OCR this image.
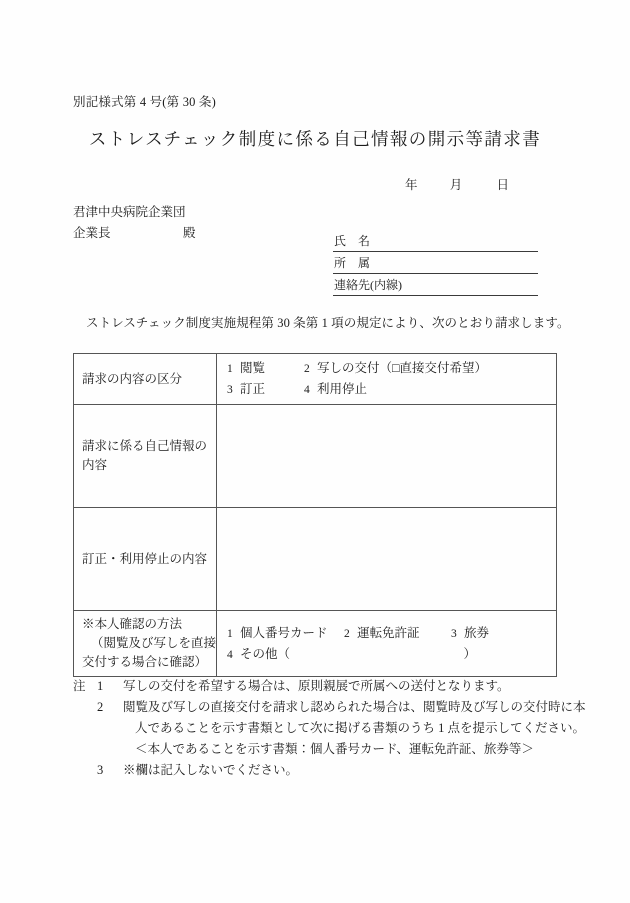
別記様式第 4 号(第 30 条)
ストレスチェック制度に係る自己情報の開示等請求書
年	月	日
君津中央病院企業団
企業長	殿
氏　名
所　属
連絡先(内線)
ストレスチェック制度実施規程第 30 条第 1 項の規定により、次のとおり請求します。
請求の内容の区分	1 閲覧 2 写しの交付（□直接交付希望）
3 訂正 4 利用停止

請求に係る自己情報の
内容	

訂正・利用停止の内容	

※本人確認の方法
（閲覧及び写しを直接
交付する場合に確認）	1 個人番号カード 2 運転免許証 3 旅券
4 その他（ ）
注 1 写しの交付を希望する場合は、原則親展で所属への送付となります。
2 閲覧及び写しの直接交付を請求し認められた場合は、閲覧時及び写しの交付時に本
人であることを示す書類として次に掲げる書類のうち 1 点を提示してください。
＜本人であることを示す書類：個人番号カード、運転免許証、旅券等＞
3 ※欄は記入しないでください。
